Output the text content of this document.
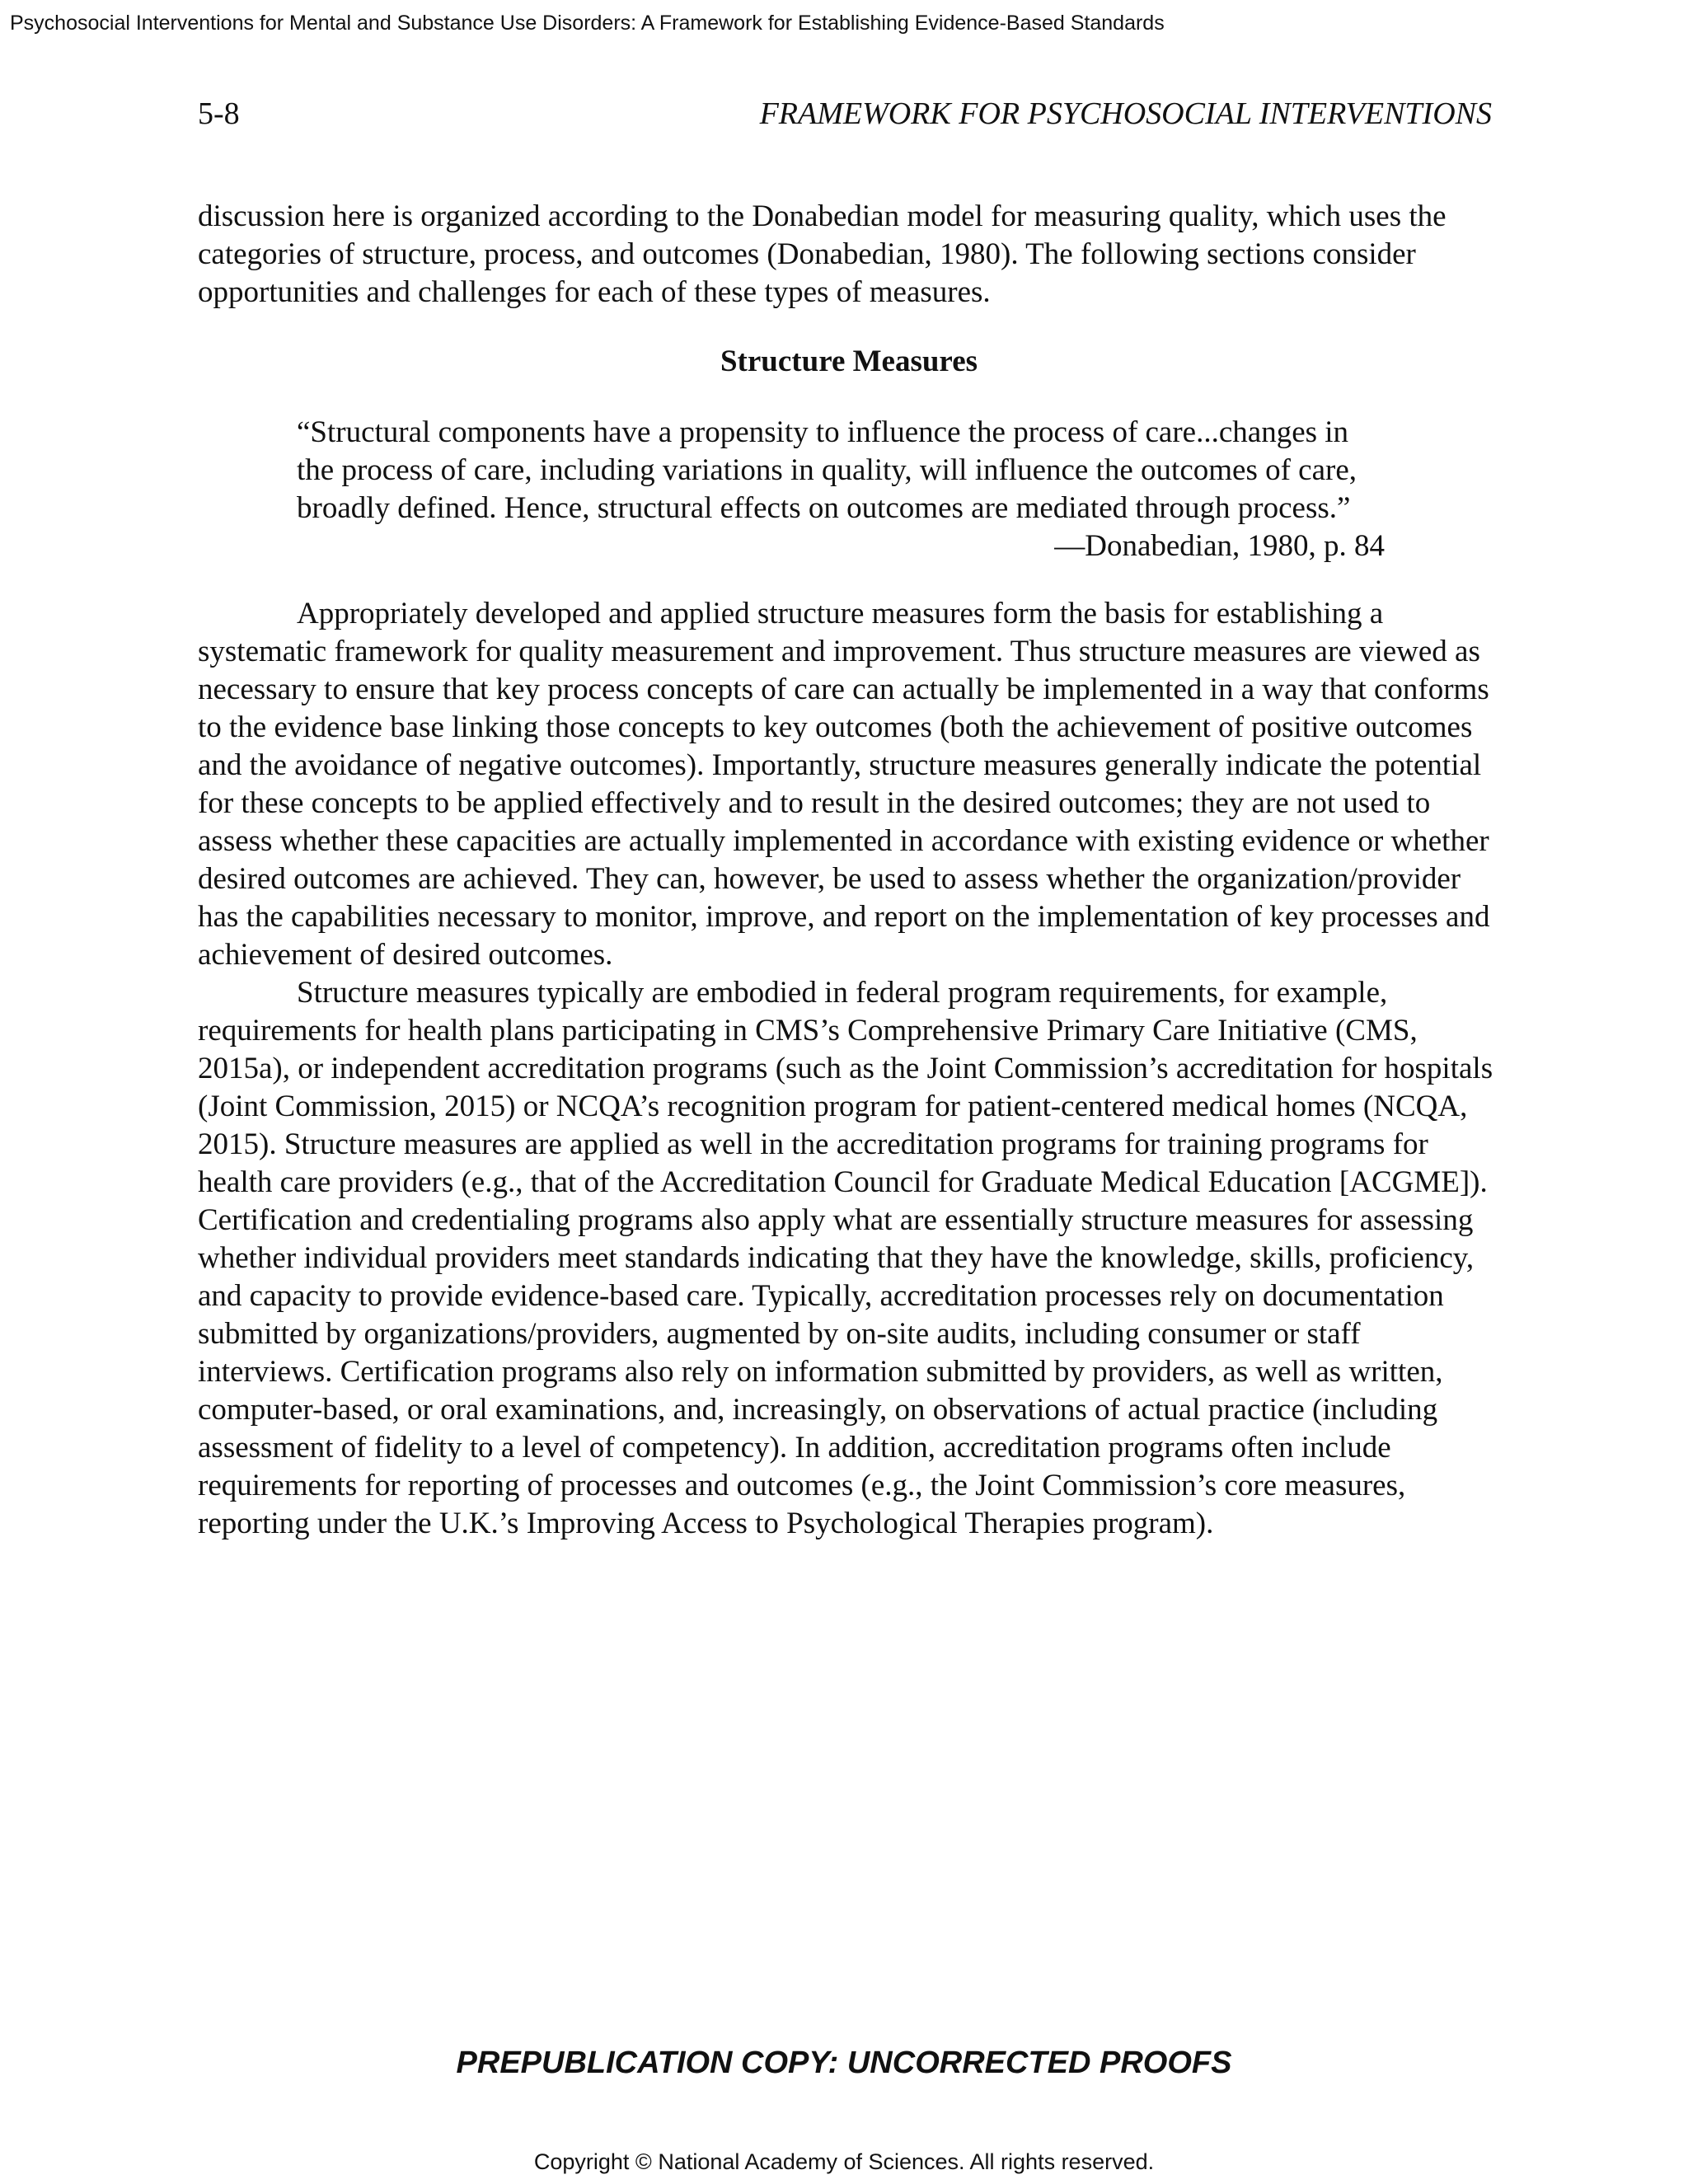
Psychosocial Interventions for Mental and Substance Use Disorders: A Framework for Establishing Evidence-Based Standards
5-8	FRAMEWORK FOR PSYCHOSOCIAL INTERVENTIONS

discussion here is organized according to the Donabedian model for measuring quality, which uses the categories of structure, process, and outcomes (Donabedian, 1980). The following sections consider opportunities and challenges for each of these types of measures.

Structure Measures

“Structural components have a propensity to influence the process of care...changes in the process of care, including variations in quality, will influence the outcomes of care, broadly defined. Hence, structural effects on outcomes are mediated through process.”

—Donabedian, 1980, p. 84

Appropriately developed and applied structure measures form the basis for establishing a systematic framework for quality measurement and improvement. Thus structure measures are viewed as necessary to ensure that key process concepts of care can actually be implemented in a way that conforms to the evidence base linking those concepts to key outcomes (both the achievement of positive outcomes and the avoidance of negative outcomes). Importantly, structure measures generally indicate the potential for these concepts to be applied effectively and to result in the desired outcomes; they are not used to assess whether these capacities are actually implemented in accordance with existing evidence or whether desired outcomes are achieved. They can, however, be used to assess whether the organization/provider has the capabilities necessary to monitor, improve, and report on the implementation of key processes and achievement of desired outcomes.

Structure measures typically are embodied in federal program requirements, for example, requirements for health plans participating in CMS’s Comprehensive Primary Care Initiative (CMS, 2015a), or independent accreditation programs (such as the Joint Commission’s accreditation for hospitals (Joint Commission, 2015) or NCQA’s recognition program for patient-centered medical homes (NCQA, 2015). Structure measures are applied as well in the accreditation programs for training programs for health care providers (e.g., that of the Accreditation Council for Graduate Medical Education [ACGME]). Certification and credentialing programs also apply what are essentially structure measures for assessing whether individual providers meet standards indicating that they have the knowledge, skills, proficiency, and capacity to provide evidence-based care. Typically, accreditation processes rely on documentation submitted by organizations/providers, augmented by on-site audits, including consumer or staff interviews. Certification programs also rely on information submitted by providers, as well as written, computer-based, or oral examinations, and, increasingly, on observations of actual practice (including assessment of fidelity to a level of competency). In addition, accreditation programs often include requirements for reporting of processes and outcomes (e.g., the Joint Commission’s core measures, reporting under the U.K.’s Improving Access to Psychological Therapies program).

PREPUBLICATION COPY: UNCORRECTED PROOFS
Copyright © National Academy of Sciences. All rights reserved.
